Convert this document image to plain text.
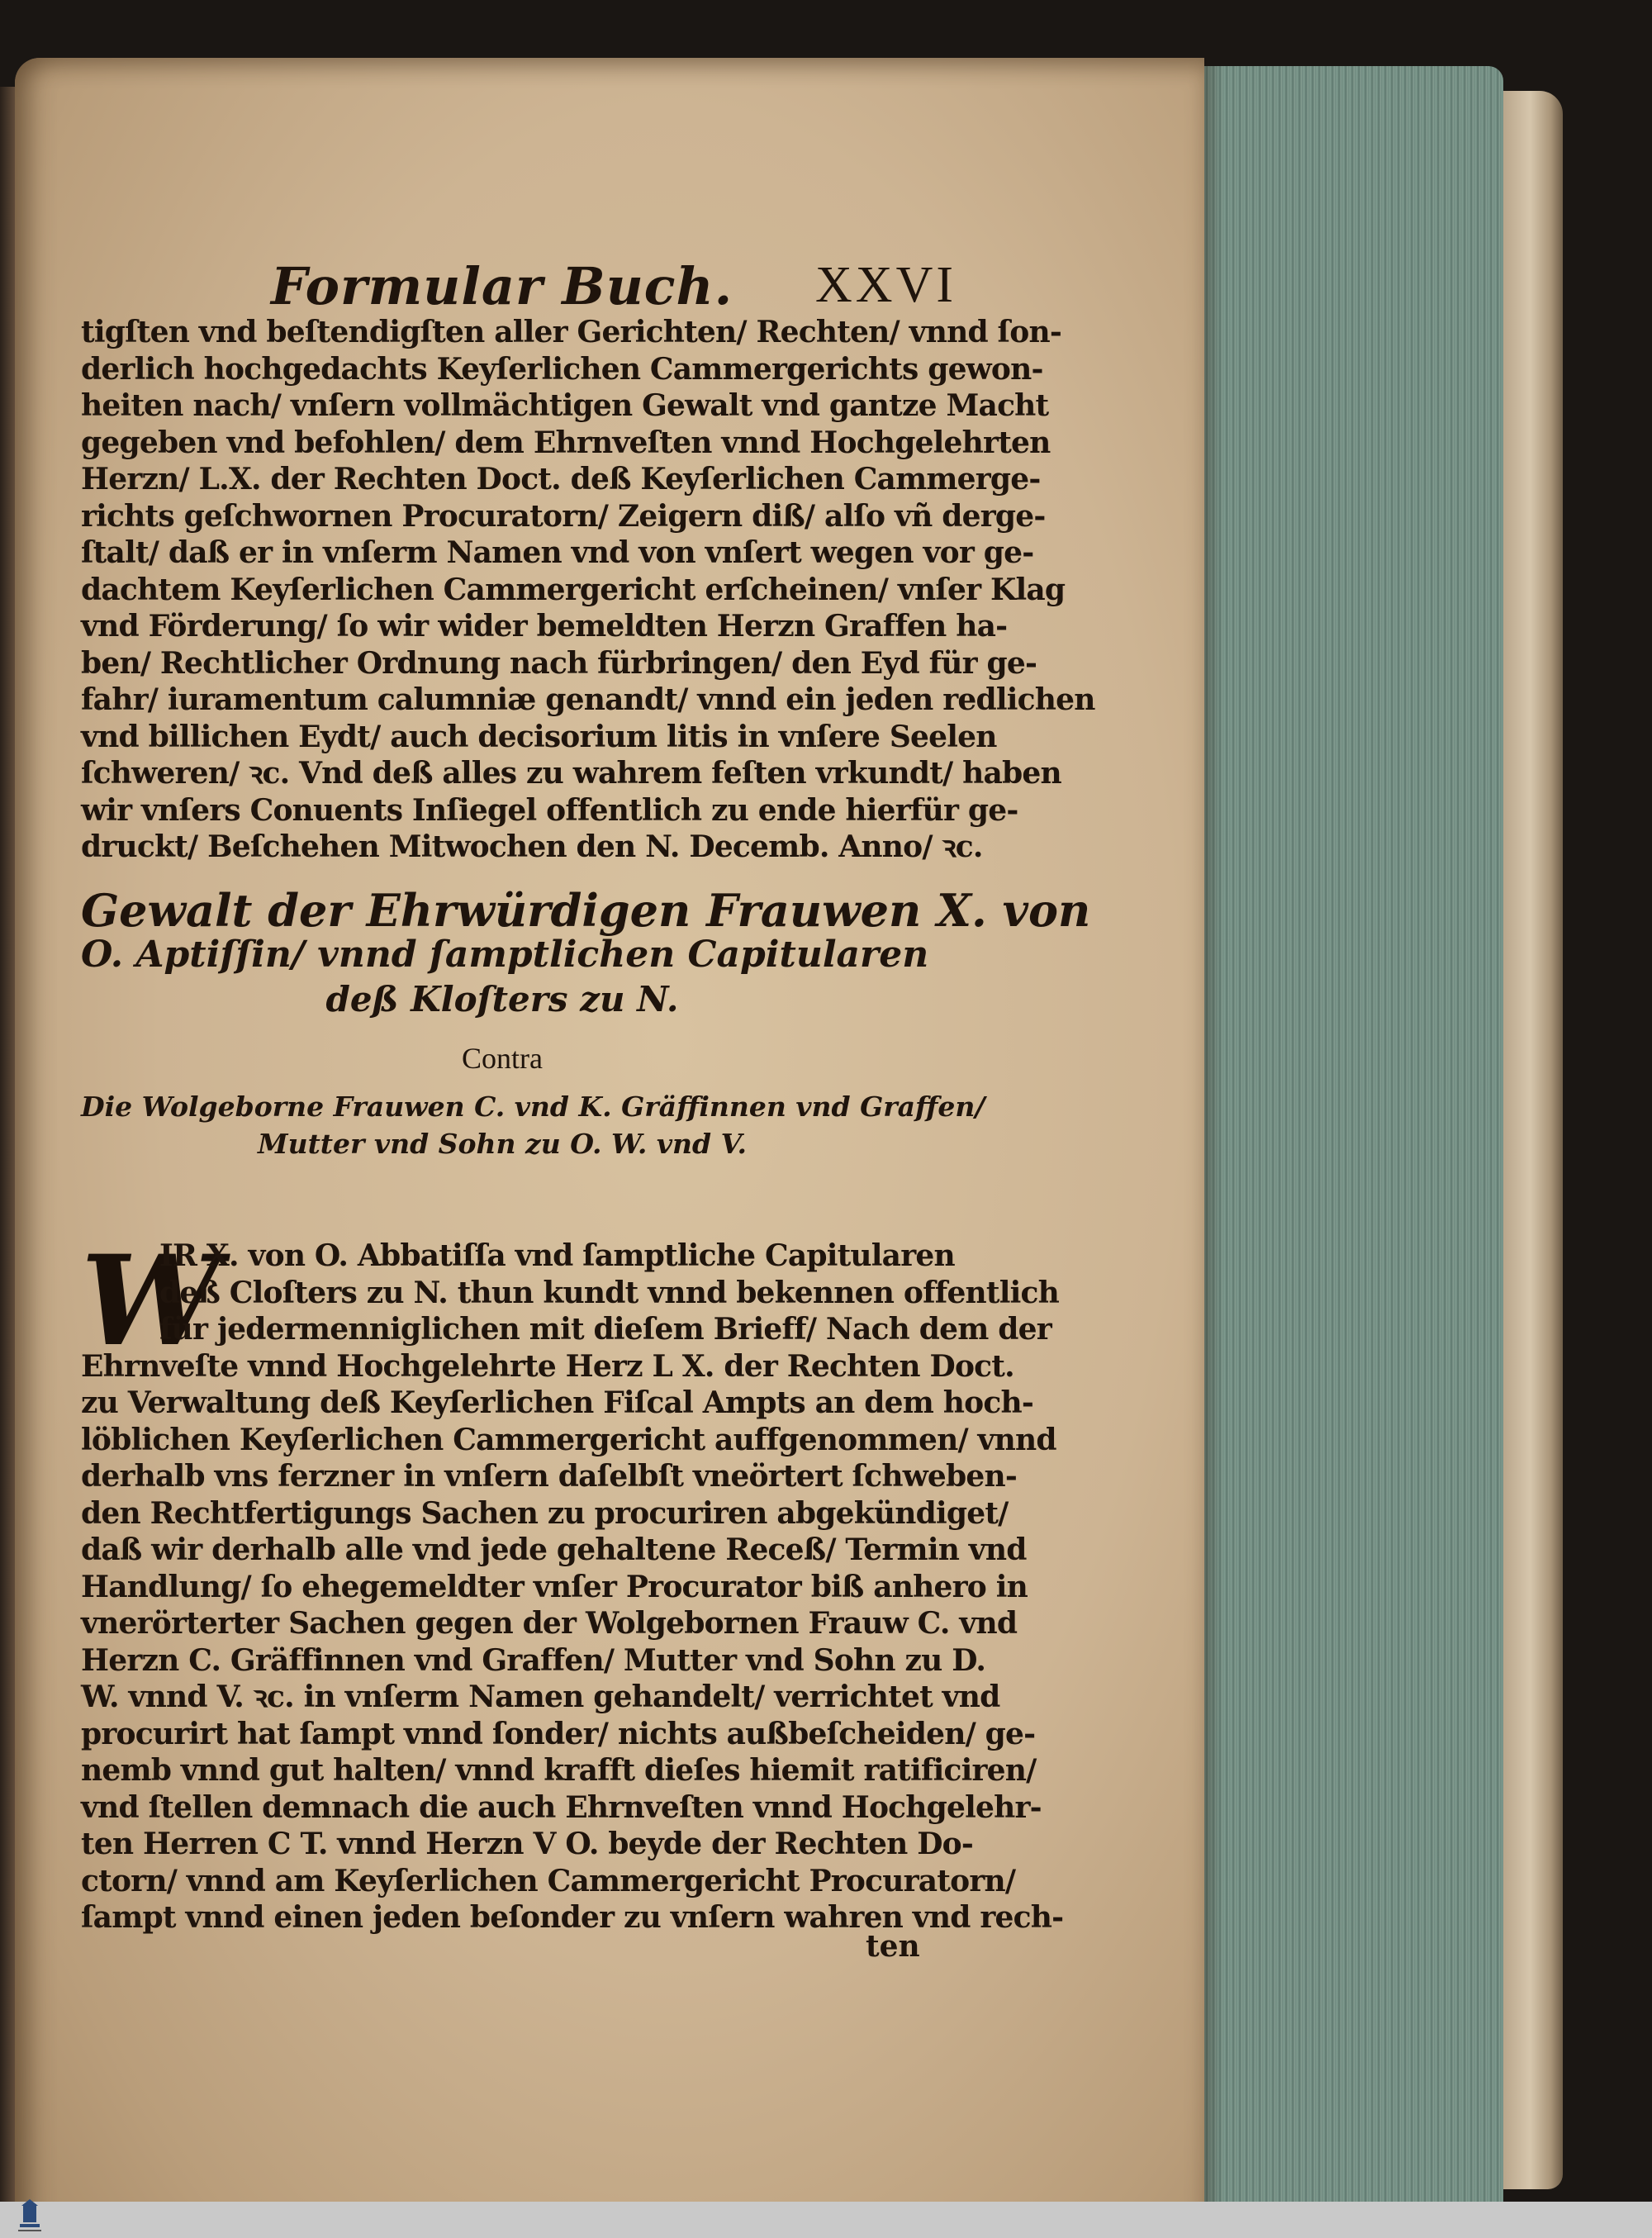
Formular Buch. XXVI
tigſten vnd beſtendigſten aller Gerichten/ Rechten/ vnnd ſon-
derlich hochgedachts Keyſerlichen Cammergerichts gewon-
heiten nach/ vnſern vollmächtigen Gewalt vnd gantze Macht
gegeben vnd befohlen/ dem Ehrnveſten vnnd Hochgelehrten
Herzn/ L.X. der Rechten Doct. deß Keyſerlichen Cammerge-
richts geſchwornen Procuratorn/ Zeigern diß/ alſo vñ derge-
ſtalt/ daß er in vnſerm Namen vnd von vnſert wegen vor ge-
dachtem Keyſerlichen Cammergericht erſcheinen/ vnſer Klag
vnd Förderung/ ſo wir wider bemeldten Herzn Graffen ha-
ben/ Rechtlicher Ordnung nach fürbringen/ den Eyd für ge-
fahr/ iuramentum calumniæ genandt/ vnnd ein jeden redlichen
vnd billichen Eydt/ auch decisorium litis in vnſere Seelen
ſchweren/ ꝛc. Vnd deß alles zu wahrem feſten vrkundt/ haben
wir vnſers Conuents Inſiegel offentlich zu ende hierfür ge-
druckt/ Beſchehen Mitwochen den N. Decemb. Anno/ ꝛc.
Gewalt der Ehrwürdigen Frauwen X. von
O. Aptiſſin/ vnnd ſamptlichen Capitularen
deß Kloſters zu N.
Contra
Die Wolgeborne Frauwen C. vnd K. Gräffinnen vnd Graffen/
Mutter vnd Sohn zu O. W. vnd V.
W
IR X. von O. Abbatiſſa vnd ſamptliche Capitularen
deß Cloſters zu N. thun kundt vnnd bekennen offentlich
für jedermenniglichen mit dieſem Brieff/ Nach dem der
Ehrnveſte vnnd Hochgelehrte Herz L X. der Rechten Doct.
zu Verwaltung deß Keyſerlichen Fiſcal Ampts an dem hoch-
löblichen Keyſerlichen Cammergericht auffgenommen/ vnnd
derhalb vns ferzner in vnſern daſelbſt vneörtert ſchweben-
den Rechtfertigungs Sachen zu procuriren abgekündiget/
daß wir derhalb alle vnd jede gehaltene Receß/ Termin vnd
Handlung/ ſo ehegemeldter vnſer Procurator biß anhero in
vnerörterter Sachen gegen der Wolgebornen Frauw C. vnd
Herzn C. Gräffinnen vnd Graffen/ Mutter vnd Sohn zu D.
W. vnnd V. ꝛc. in vnſerm Namen gehandelt/ verrichtet vnd
procurirt hat ſampt vnnd ſonder/ nichts außbeſcheiden/ ge-
nemb vnnd gut halten/ vnnd krafft dieſes hiemit ratificiren/
vnd ſtellen demnach die auch Ehrnveſten vnnd Hochgelehr-
ten Herren C T. vnnd Herzn V O. beyde der Rechten Do-
ctorn/ vnnd am Keyſerlichen Cammergericht Procuratorn/
ſampt vnnd einen jeden beſonder zu vnſern wahren vnd rech-
ten
